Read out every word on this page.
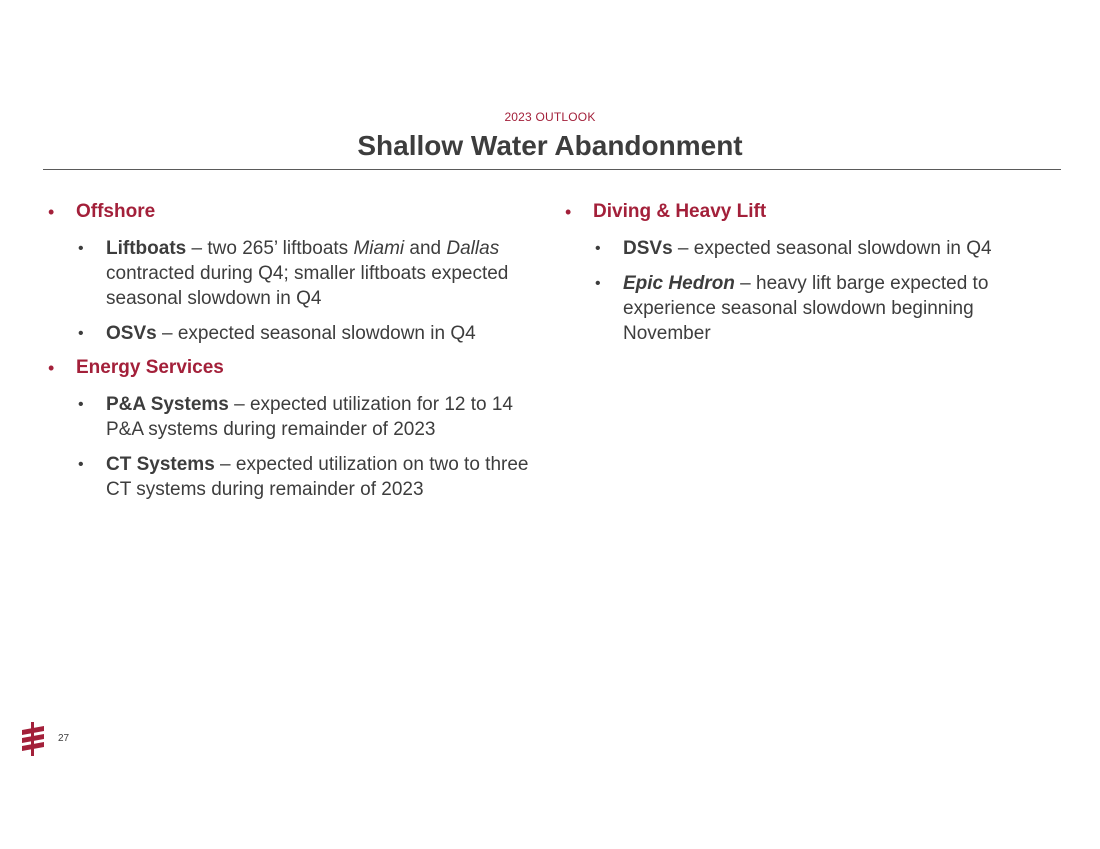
2023 OUTLOOK
Shallow Water Abandonment
•	Offshore
•	Liftboats – two 265’ liftboats Miami and Dallas contracted during Q4; smaller liftboats expected seasonal slowdown in Q4
•	OSVs – expected seasonal slowdown in Q4
•	Energy Services
•	P&A Systems – expected utilization for 12 to 14 P&A systems during remainder of 2023
•	CT Systems – expected utilization on two to three CT systems during remainder of 2023
•	Diving & Heavy Lift
•	DSVs – expected seasonal slowdown in Q4
•	Epic Hedron – heavy lift barge expected to experience seasonal slowdown beginning November
27
